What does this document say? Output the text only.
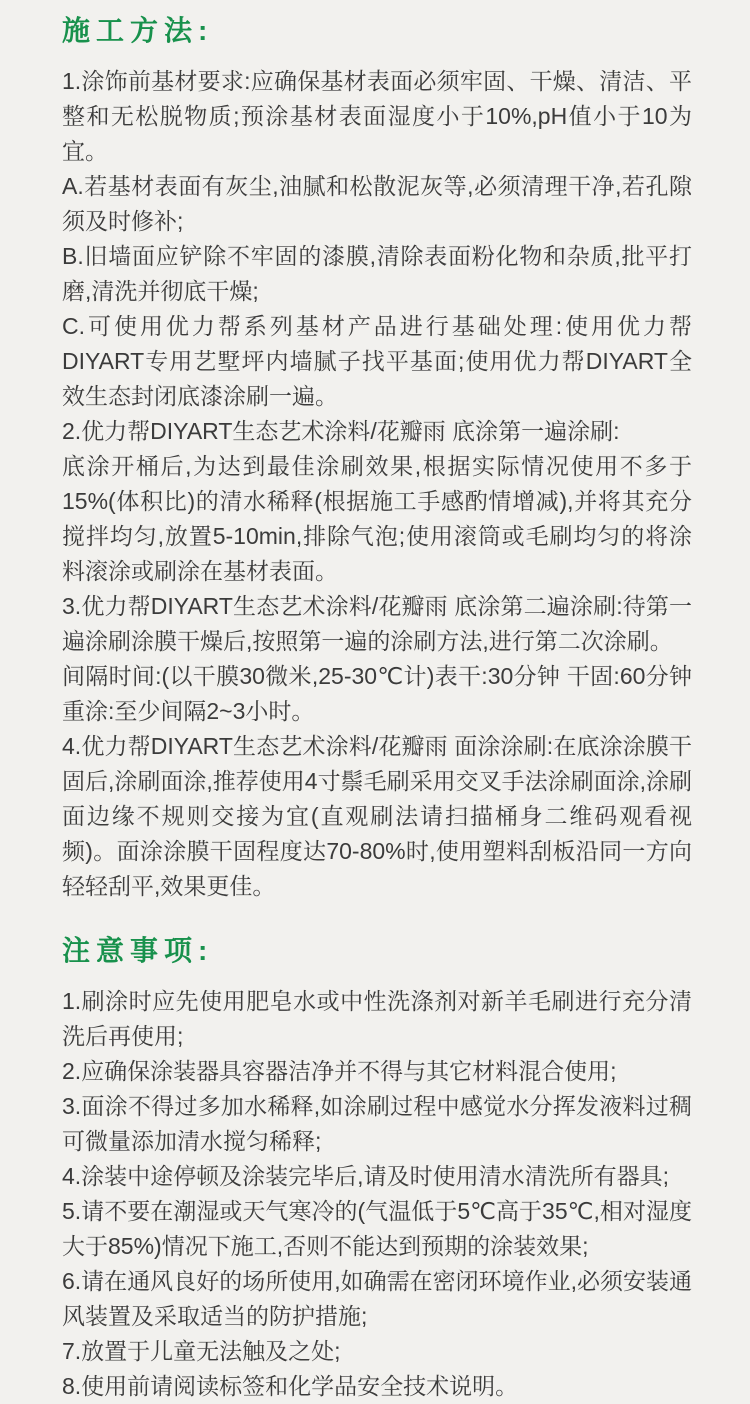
施工方法:

1.涂饰前基材要求:应确保基材表面必须牢固、干燥、清洁、平整和无松脱物质;预涂基材表面湿度小于10%,pH值小于10为宜。

A.若基材表面有灰尘,油腻和松散泥灰等,必须清理干净,若孔隙须及时修补;

B.旧墙面应铲除不牢固的漆膜,清除表面粉化物和杂质,批平打磨,清洗并彻底干燥;

C.可使用优力帮系列基材产品进行基础处理:使用优力帮DIYART专用艺墅坪内墙腻子找平基面;使用优力帮DIYART全效生态封闭底漆涂刷一遍。

2.优力帮DIYART生态艺术涂料/花瓣雨 底涂第一遍涂刷:

底涂开桶后,为达到最佳涂刷效果,根据实际情况使用不多于15%(体积比)的清水稀释(根据施工手感酌情增减),并将其充分搅拌均匀,放置5-10min,排除气泡;使用滚筒或毛刷均匀的将涂料滚涂或刷涂在基材表面。

3.优力帮DIYART生态艺术涂料/花瓣雨 底涂第二遍涂刷:待第一遍涂刷涂膜干燥后,按照第一遍的涂刷方法,进行第二次涂刷。

间隔时间:(以干膜30微米,25-30℃计)表干:30分钟 干固:60分钟 重涂:至少间隔2~3小时。

4.优力帮DIYART生态艺术涂料/花瓣雨 面涂涂刷:在底涂涂膜干固后,涂刷面涂,推荐使用4寸鬃毛刷采用交叉手法涂刷面涂,涂刷面边缘不规则交接为宜(直观刷法请扫描桶身二维码观看视频)。面涂涂膜干固程度达70-80%时,使用塑料刮板沿同一方向轻轻刮平,效果更佳。

注意事项:

1.刷涂时应先使用肥皂水或中性洗涤剂对新羊毛刷进行充分清洗后再使用;

2.应确保涂装器具容器洁净并不得与其它材料混合使用;

3.面涂不得过多加水稀释,如涂刷过程中感觉水分挥发液料过稠可微量添加清水搅匀稀释;

4.涂装中途停顿及涂装完毕后,请及时使用清水清洗所有器具;

5.请不要在潮湿或天气寒冷的(气温低于5℃高于35℃,相对湿度大于85%)情况下施工,否则不能达到预期的涂装效果;

6.请在通风良好的场所使用,如确需在密闭环境作业,必须安装通风装置及采取适当的防护措施;

7.放置于儿童无法触及之处;

8.使用前请阅读标签和化学品安全技术说明。
